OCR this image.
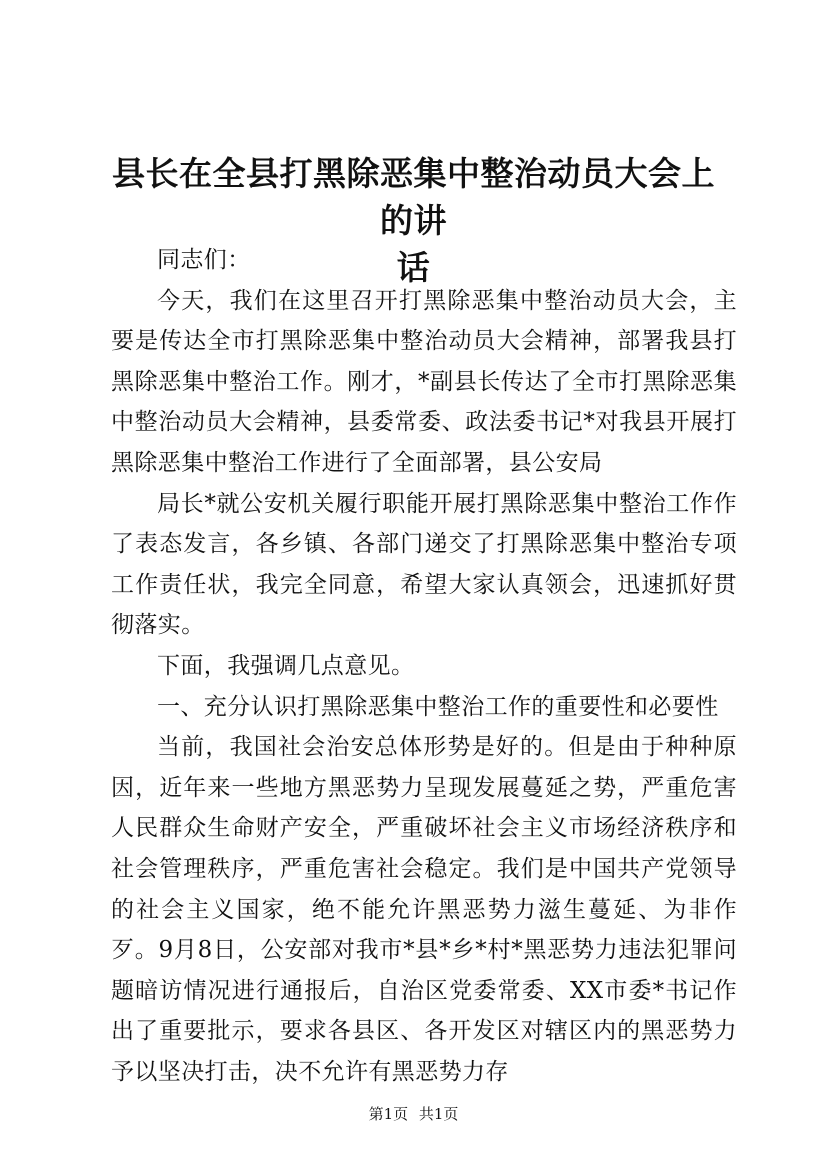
县长在全县打黑除恶集中整治动员大会上的讲
话

同志们：

今天，我们在这里召开打黑除恶集中整治动员大会，主要是传达全市打黑除恶集中整治动员大会精神，部署我县打黑除恶集中整治工作。刚才，*副县长传达了全市打黑除恶集中整治动员大会精神，县委常委、政法委书记*对我县开展打黑除恶集中整治工作进行了全面部署，县公安局

局长*就公安机关履行职能开展打黑除恶集中整治工作作了表态发言，各乡镇、各部门递交了打黑除恶集中整治专项工作责任状，我完全同意，希望大家认真领会，迅速抓好贯彻落实。

下面，我强调几点意见。

一、充分认识打黑除恶集中整治工作的重要性和必要性

当前，我国社会治安总体形势是好的。但是由于种种原因，近年来一些地方黑恶势力呈现发展蔓延之势，严重危害人民群众生命财产安全，严重破坏社会主义市场经济秩序和社会管理秩序，严重危害社会稳定。我们是中国共产党领导的社会主义国家，绝不能允许黑恶势力滋生蔓延、为非作歹。9月8日，公安部对我市*县*乡*村*黑恶势力违法犯罪问题暗访情况进行通报后，自治区党委常委、XX市委*书记作出了重要批示，要求各县区、各开发区对辖区内的黑恶势力予以坚决打击，决不允许有黑恶势力存

第1页 共1页
